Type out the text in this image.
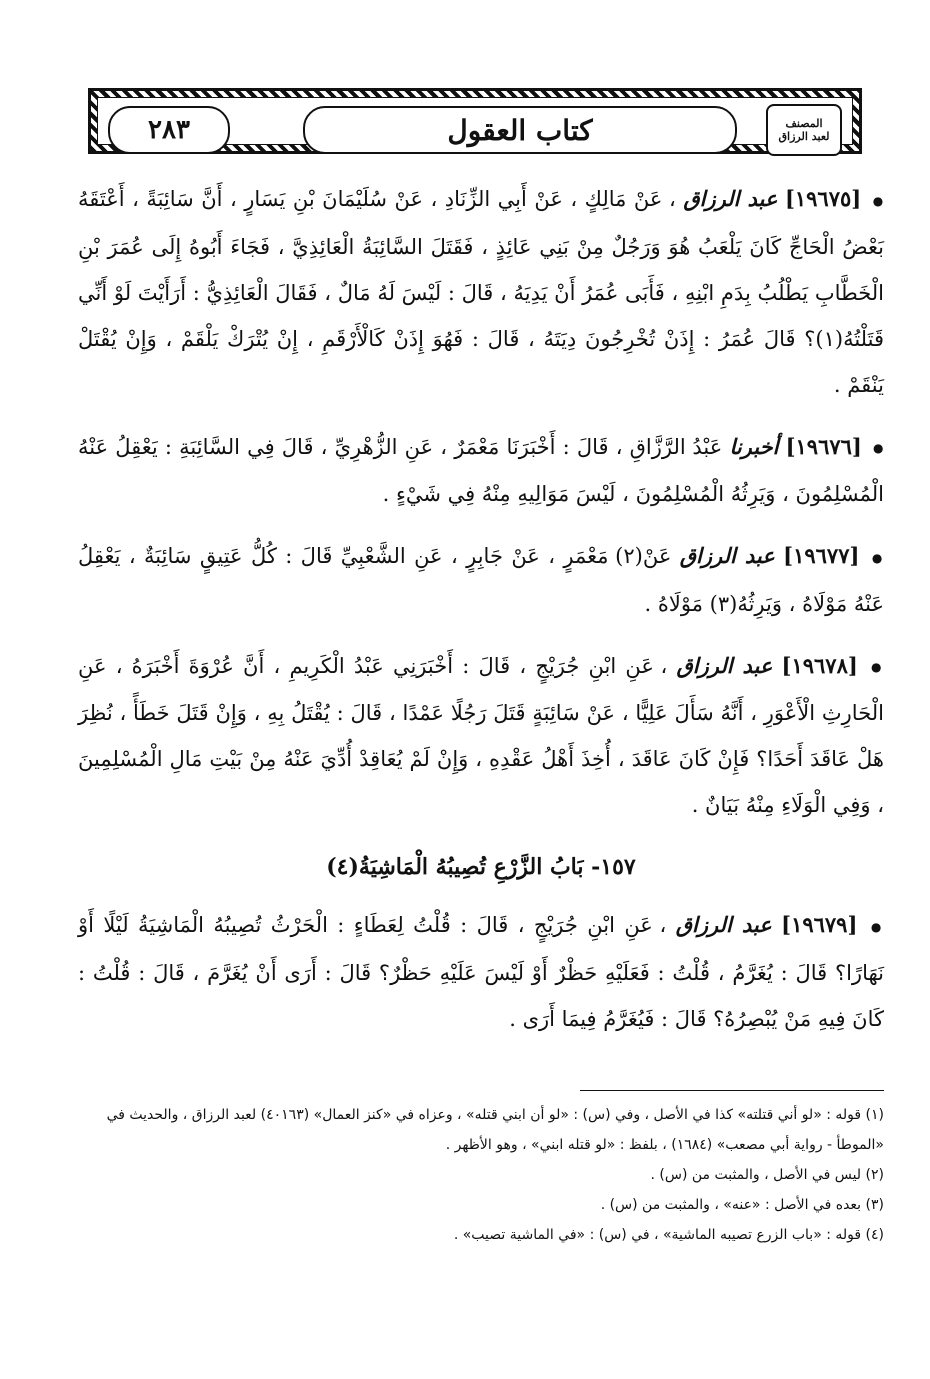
المصنف
لعبد الرزاق
كتاب العقول
٢٨٣

● [١٩٦٧٥] عبد الرزاق ، عَنْ مَالِكٍ ، عَنْ أَبِي الزِّنَادِ ، عَنْ سُلَيْمَانَ بْنِ يَسَارٍ ، أَنَّ سَائِبَةً ، أَعْتَقَهُ بَعْضُ الْحَاجِّ كَانَ يَلْعَبُ هُوَ وَرَجُلٌ مِنْ بَنِي عَائِذٍ ، فَقَتَلَ السَّائِبَةُ الْعَائِذِيَّ ، فَجَاءَ أَبُوهُ إِلَى عُمَرَ بْنِ الْخَطَّابِ يَطْلُبُ بِدَمِ ابْنِهِ ، فَأَبَى عُمَرُ أَنْ يَدِيَهُ ، قَالَ : لَيْسَ لَهُ مَالٌ ، فَقَالَ الْعَائِذِيُّ : أَرَأَيْتَ لَوْ أَنِّي قَتَلْتُهُ(١)؟ قَالَ عُمَرُ : إِذَنْ تُخْرِجُونَ دِيَتَهُ ، قَالَ : فَهُوَ إِذَنْ كَالْأَرْقَمِ ، إِنْ يُتْرَكْ يَلْقَمْ ، وَإِنْ يُقْتَلْ يَنْقَمْ .

● [١٩٦٧٦] أخبرنا عَبْدُ الرَّزَّاقِ ، قَالَ : أَخْبَرَنَا مَعْمَرٌ ، عَنِ الزُّهْرِيِّ ، قَالَ فِي السَّائِبَةِ : يَعْقِلُ عَنْهُ الْمُسْلِمُونَ ، وَيَرِثُهُ الْمُسْلِمُونَ ، لَيْسَ مَوَالِيهِ مِنْهُ فِي شَيْءٍ .

● [١٩٦٧٧] عبد الرزاق عَنْ(٢) مَعْمَرٍ ، عَنْ جَابِرٍ ، عَنِ الشَّعْبِيِّ قَالَ : كُلُّ عَتِيقٍ سَائِبَةٌ ، يَعْقِلُ عَنْهُ مَوْلَاهُ ، وَيَرِثُهُ(٣) مَوْلَاهُ .

● [١٩٦٧٨] عبد الرزاق ، عَنِ ابْنِ جُرَيْجٍ ، قَالَ : أَخْبَرَنِي عَبْدُ الْكَرِيمِ ، أَنَّ عُرْوَةَ أَخْبَرَهُ ، عَنِ الْحَارِثِ الْأَعْوَرِ ، أَنَّهُ سَأَلَ عَلِيًّا ، عَنْ سَائِبَةٍ قَتَلَ رَجُلًا عَمْدًا ، قَالَ : يُقْتَلُ بِهِ ، وَإِنْ قَتَلَ خَطَأً ، نُظِرَ هَلْ عَاقَدَ أَحَدًا؟ فَإِنْ كَانَ عَاقَدَ ، أُخِذَ أَهْلُ عَقْدِهِ ، وَإِنْ لَمْ يُعَاقِدْ أُدِّيَ عَنْهُ مِنْ بَيْتِ مَالِ الْمُسْلِمِينَ ، وَفِي الْوَلَاءِ مِنْهُ بَيَانٌ .

١٥٧- بَابُ الزَّرْعِ تُصِيبُهُ الْمَاشِيَةُ(٤)

● [١٩٦٧٩] عبد الرزاق ، عَنِ ابْنِ جُرَيْجٍ ، قَالَ : قُلْتُ لِعَطَاءٍ : الْحَرْثُ تُصِيبُهُ الْمَاشِيَةُ لَيْلًا أَوْ نَهَارًا؟ قَالَ : يُغَرَّمُ ، قُلْتُ : فَعَلَيْهِ حَظْرٌ أَوْ لَيْسَ عَلَيْهِ حَظْرٌ؟ قَالَ : أَرَى أَنْ يُغَرَّمَ ، قَالَ : قُلْتُ : كَانَ فِيهِ مَنْ يُبْصِرُهُ؟ قَالَ : فَيُغَرَّمُ فِيمَا أَرَى .

(١) قوله : «لو أني قتلته» كذا في الأصل ، وفي (س) : «لو أن ابني قتله» ، وعزاه في «كنز العمال» (٤٠١٦٣) لعبد الرزاق ، والحديث في «الموطأ - رواية أبي مصعب» (١٦٨٤) ، بلفظ : «لو قتله ابني» ، وهو الأظهر .

(٢) ليس في الأصل ، والمثبت من (س) .

(٣) بعده في الأصل : «عنه» ، والمثبت من (س) .

(٤) قوله : «باب الزرع تصيبه الماشية» ، في (س) : «في الماشية تصيب» .
